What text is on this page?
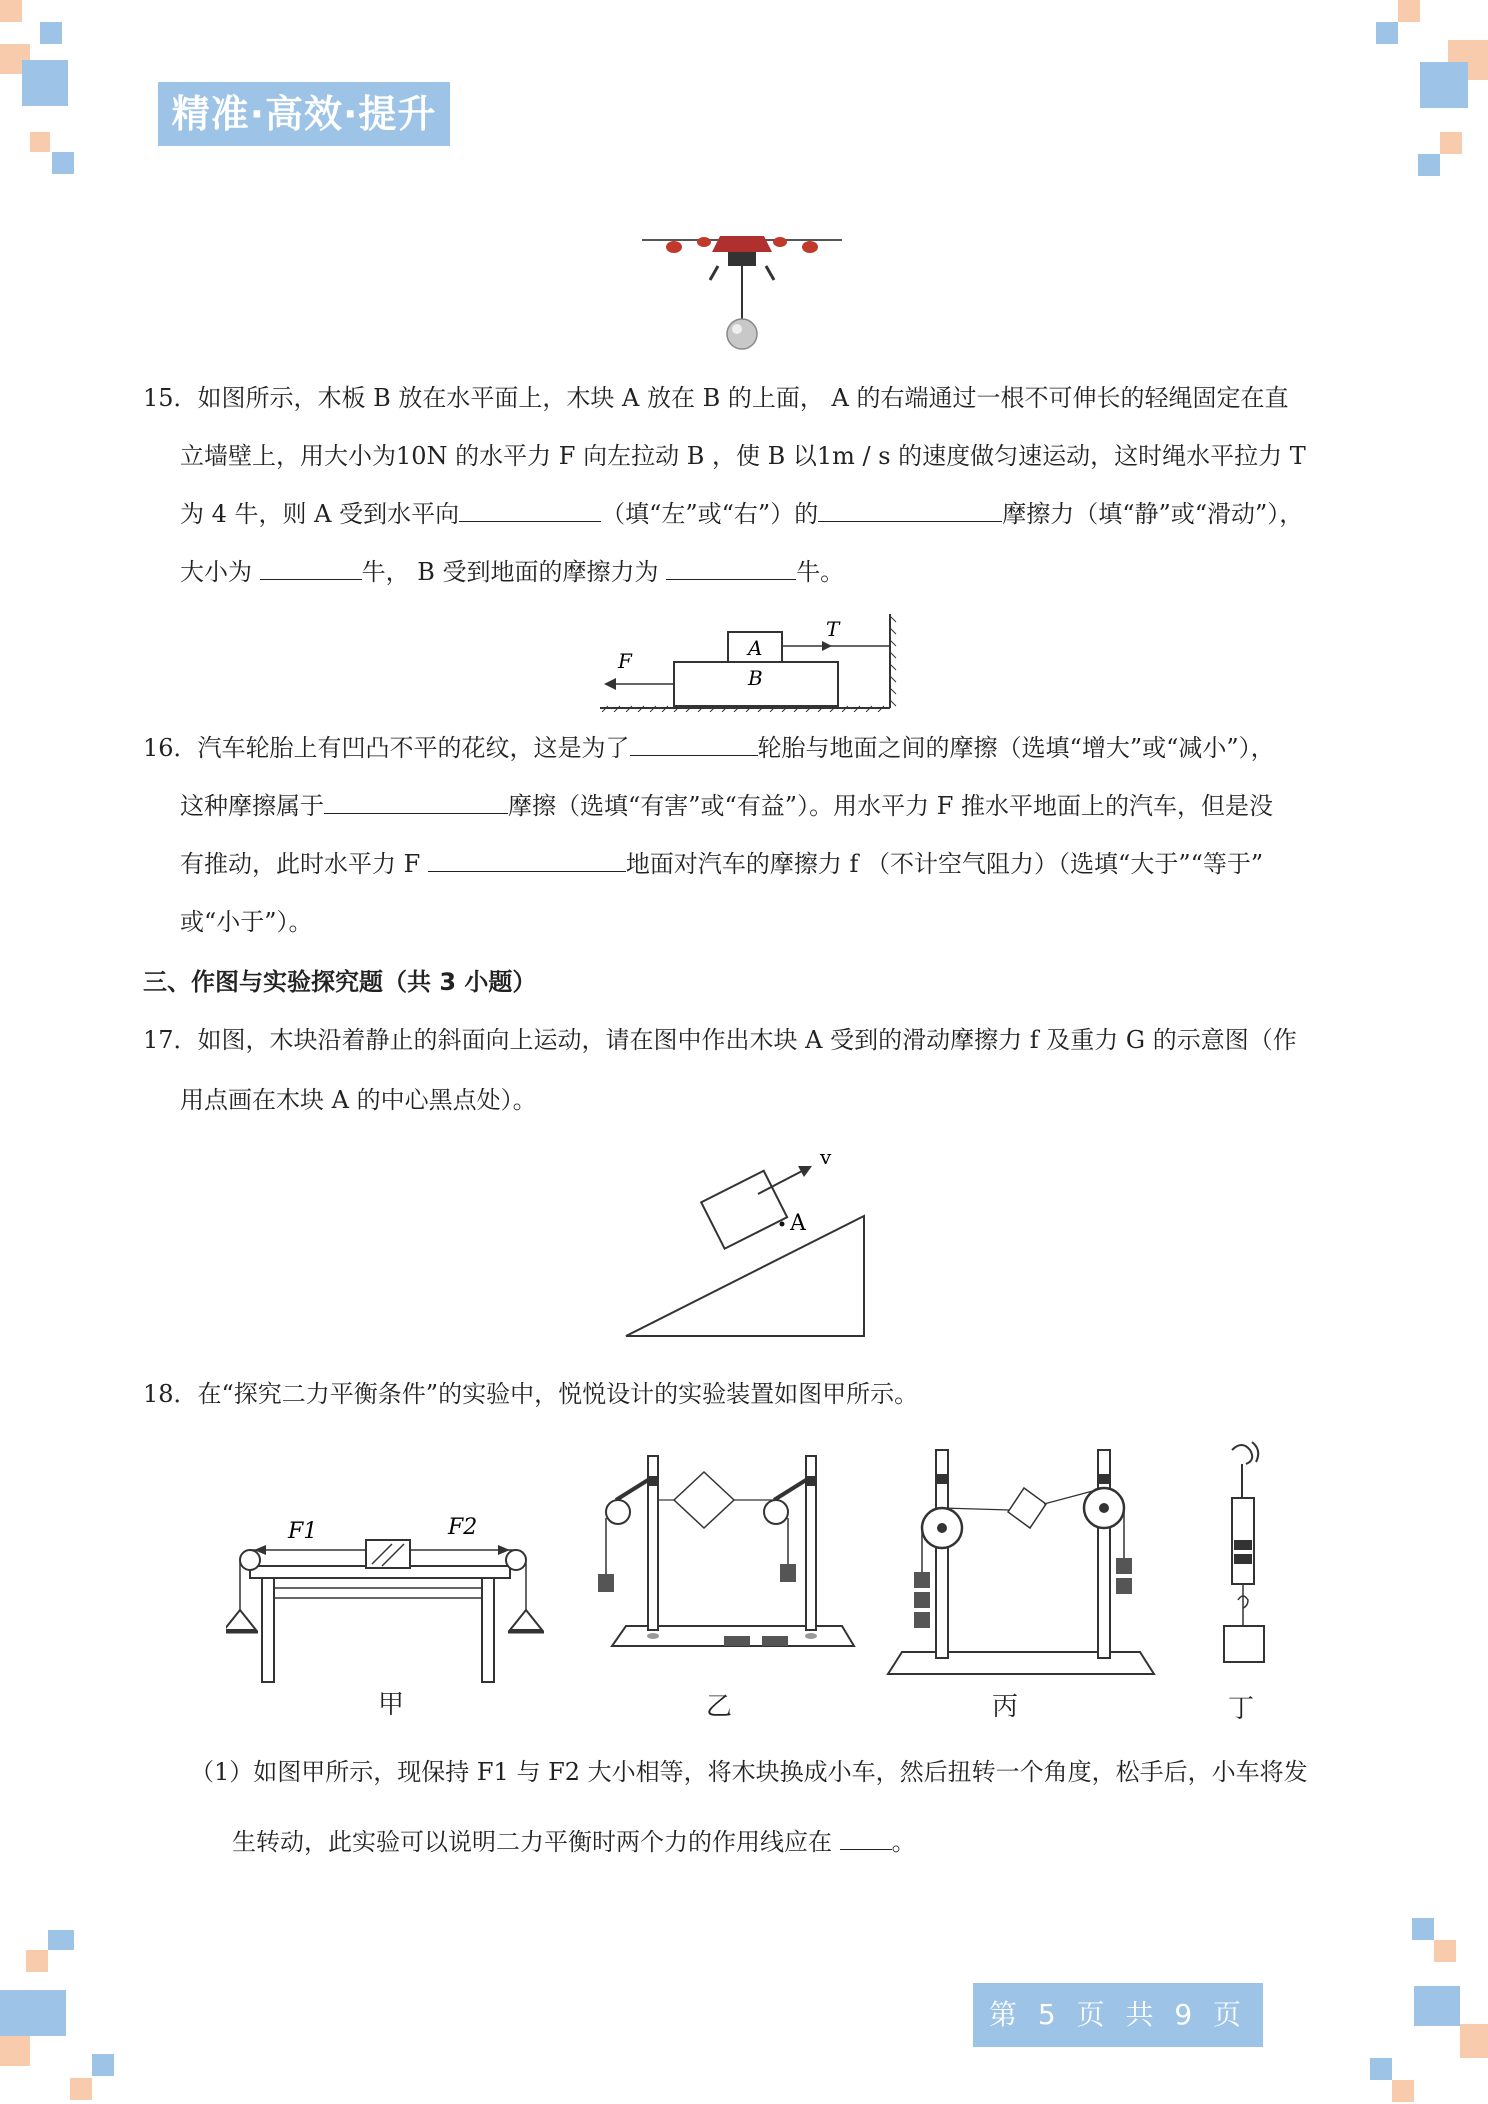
精准·高效·提升
15．如图所示，木板 B 放在水平面上，木块 A 放在 B 的上面， A 的右端通过一根不可伸长的轻绳固定在直
立墙壁上，用大小为10N 的水平力 F 向左拉动 B ，使 B 以1m / s 的速度做匀速运动，这时绳水平拉力 T
为 4 牛，则 A 受到水平向	（填“左”或“右”）的	摩擦力（填“静”或“滑动”），
大小为	牛， B 受到地面的摩擦力为	牛。
F
A
B
T
16．汽车轮胎上有凹凸不平的花纹，这是为了	轮胎与地面之间的摩擦（选填“增大”或“减小”），
这种摩擦属于	摩擦（选填“有害”或“有益”）。用水平力 F 推水平地面上的汽车，但是没
有推动，此时水平力 F	地面对汽车的摩擦力 f （不计空气阻力）（选填“大于”“等于”
或“小于”）。
三、作图与实验探究题（共 3 小题）
17．如图，木块沿着静止的斜面向上运动，请在图中作出木块 A 受到的滑动摩擦力 f 及重力 G 的示意图（作
用点画在木块 A 的中心黑点处）。
A
v
18．在“探究二力平衡条件”的实验中，悦悦设计的实验装置如图甲所示。
F1	F2
甲	乙	丙	丁
（1）如图甲所示，现保持 F1 与 F2 大小相等，将木块换成小车，然后扭转一个角度，松手后，小车将发
生转动，此实验可以说明二力平衡时两个力的作用线应在 。
第 5 页 共 9 页
